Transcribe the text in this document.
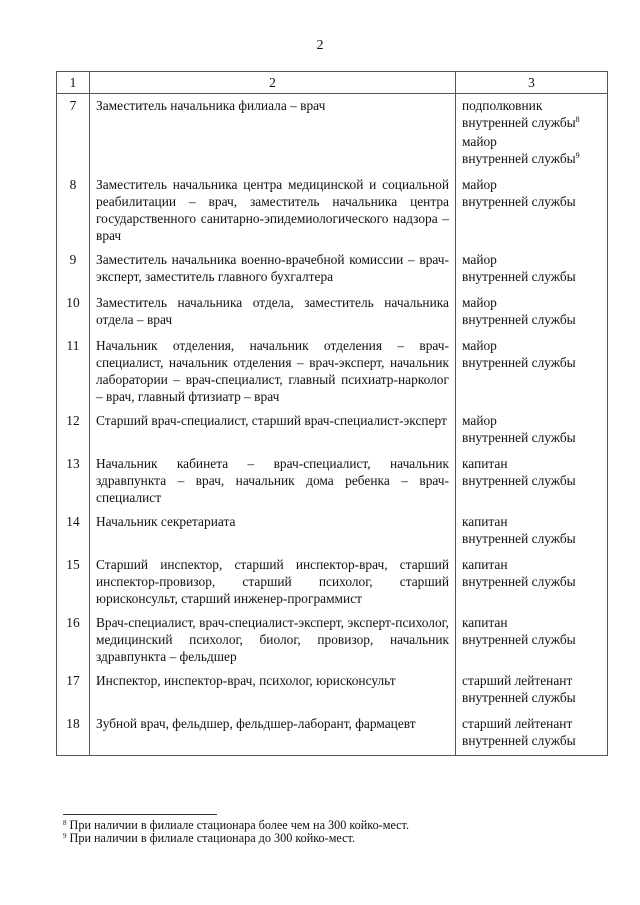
2
1	2	3
7	Заместитель начальника филиала – врач	подполковник
внутренней службы$^8$
майор
внутренней службы$^9$

8	Заместитель начальника центра медицинской и социальной реабилитации – врач, заместитель начальника центра государственного санитарно-эпидемиологического надзора – врач	майор
внутренней службы

9	Заместитель начальника военно-врачебной комиссии – врач-эксперт, заместитель главного бухгалтера	майор
внутренней службы

10	Заместитель начальника отдела, заместитель начальника отдела – врач	майор
внутренней службы

11	Начальник отделения, начальник отделения – врач-специалист, начальник отделения – врач-эксперт, начальник лаборатории – врач-специалист, главный психиатр-нарколог – врач, главный фтизиатр – врач	майор
внутренней службы

12	Старший врач-специалист, старший врач-специалист-эксперт	майор
внутренней службы

13	Начальник кабинета – врач-специалист, начальник здравпункта – врач, начальник дома ребенка – врач-специалист	капитан
внутренней службы

14	Начальник секретариата	капитан
внутренней службы

15	Старший инспектор, старший инспектор-врач, старший инспектор-провизор, старший психолог, старший юрисконсульт, старший инженер-программист	капитан
внутренней службы

16	Врач-специалист, врач-специалист-эксперт, эксперт-психолог, медицинский психолог, биолог, провизор, начальник здравпункта – фельдшер	капитан
внутренней службы

17	Инспектор, инспектор-врач, психолог, юрисконсульт	старший лейтенант
внутренней службы

18	Зубной врач, фельдшер, фельдшер-лаборант, фармацевт	старший лейтенант
внутренней службы
$^8$ При наличии в филиале стационара более чем на 300 койко-мест.
$^9$ При наличии в филиале стационара до 300 койко-мест.
